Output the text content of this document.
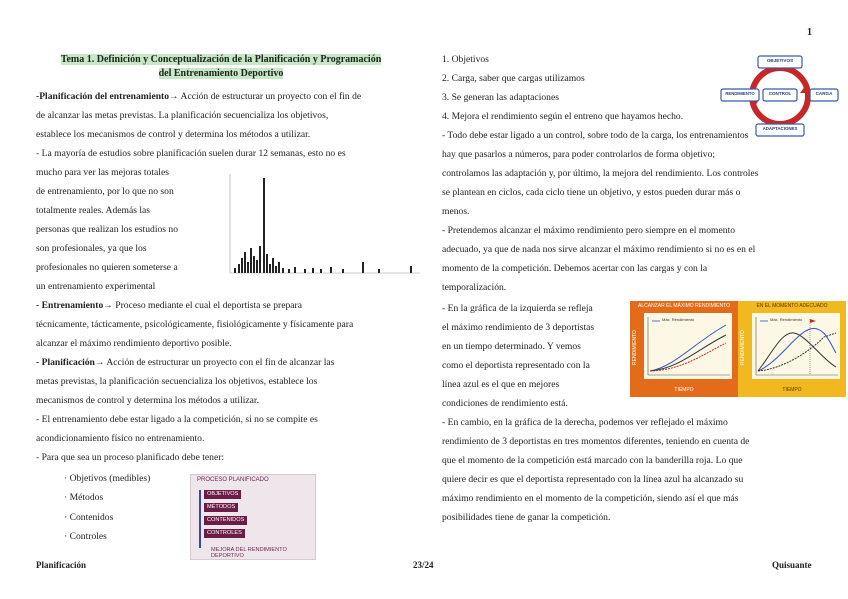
1
Tema 1. Definición y Conceptualización de la Planificación y Programación
del Entrenamiento Deportivo
-Planificación del entrenamiento→ Acción de estructurar un proyecto con el fin de
de alcanzar las metas previstas. La planificación secuencializa los objetivos,
establece los mecanismos de control y determina los métodos a utilizar.
- La mayoría de estudios sobre planificación suelen durar 12 semanas, esto no es
mucho para ver las mejoras totales
de entrenamiento, por lo que no son
totalmente reales. Además las
personas que realizan los estudios no
son profesionales, ya que los
profesionales no quieren someterse a
un entrenamiento experimental
- Entrenamiento→ Proceso mediante el cual el deportista se prepara
técnicamente, tácticamente, psicológicamente, fisiológicamente y físicamente para
alcanzar el máximo rendimiento deportivo posible.
- Planificación→ Acción de estructurar un proyecto con el fin de alcanzar las
metas previstas, la planificación secuencializa los objetivos, establece los
mecanismos de control y determina los métodos a utilizar.
- El entrenamiento debe estar ligado a la competición, si no se compite es
acondicionamiento físico no entrenamiento.
- Para que sea un proceso planificado debe tener:
· Objetivos (medibles)
· Métodos
· Contenidos
· Controles
PROCESO PLANIFICADO
OBJETIVOS
MÉTODOS
CONTENIDOS
CONTROLES
MEJORA DEL RENDIMIENTO DEPORTIVO
1. Objetivos
2. Carga, saber que cargas utilizamos
3. Se generan las adaptaciones
4. Mejora el rendimiento según el entreno que hayamos hecho.
- Todo debe estar ligado a un control, sobre todo de la carga, los entrenamientos
hay que pasarlos a números, para poder controlarlos de forma objetivo;
controlamos las adaptación y, por último, la mejora del rendimiento. Los controles
se plantean en ciclos, cada ciclo tiene un objetivo, y estos pueden durar más o
menos.
- Pretendemos alcanzar el máximo rendimiento pero siempre en el momento
adecuado, ya que de nada nos sirve alcanzar el máximo rendimiento si no es en el
momento de la competición. Debemos acertar con las cargas y con la
temporalización.
- En la gráfica de la izquierda se refleja
el máximo rendimiento de 3 deportistas
en un tiempo determinado. Y vemos
como el deportista representado con la
línea azul es el que en mejores
condiciones de rendimiento está.
- En cambio, en la gráfica de la derecha, podemos ver reflejado el máximo
rendimiento de 3 deportistas en tres momentos diferentes, teniendo en cuenta de
que el momento de la competición está marcado con la banderilla roja. Lo que
quiere decir es que el deportista representado con la línea azul ha alcanzado su
máximo rendimiento en el momento de la competición, siendo así el que más
posibilidades tiene de ganar la competición.
OBJETIVOS
RENDIMIENTO	CONTROL	CARGA
ADAPTACIONES
ALCANZAR EL MÁXIMO RENDIMIENTO
RENDIMIENTO
Máx. Rendimiento
TIEMPO
EN EL MOMENTO ADECUADO
RENDIMIENTO
Máx. Rendimiento
TIEMPO
Planificación	23/24	Quisuante
